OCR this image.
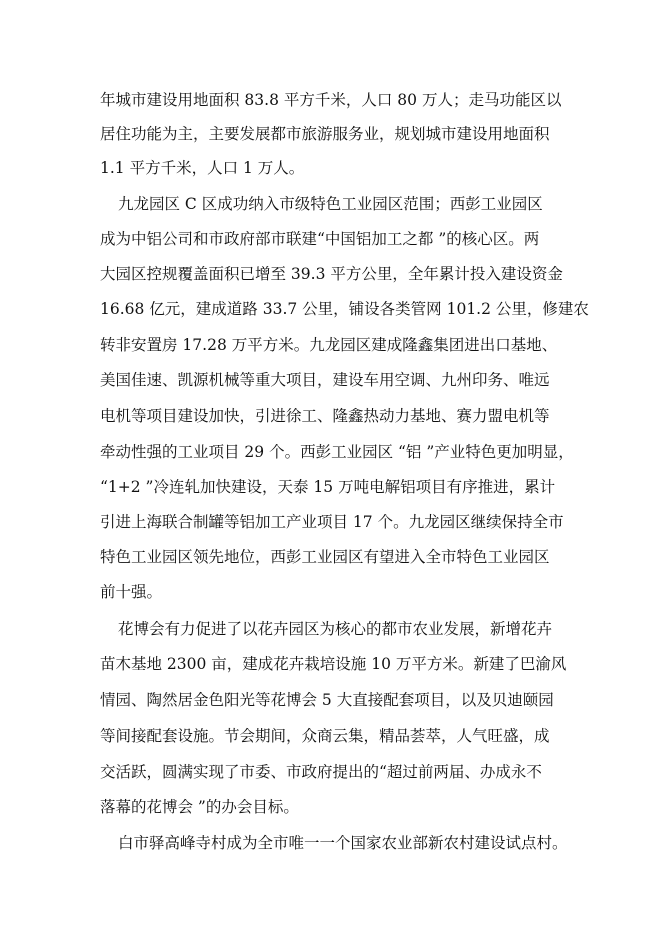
年城市建设用地面积 83.8 平方千米，人口 80 万人；走马功能区以
居住功能为主，主要发展都市旅游服务业，规划城市建设用地面积
1.1 平方千米，人口 1 万人。
九龙园区 C 区成功纳入市级特色工业园区范围；西彭工业园区
成为中铝公司和市政府部市联建“中国铝加工之都 ”的核心区。两
大园区控规覆盖面积已增至 39.3 平方公里，全年累计投入建设资金
16.68 亿元，建成道路 33.7 公里，铺设各类管网 101.2 公里，修建农
转非安置房 17.28 万平方米。九龙园区建成隆鑫集团进出口基地、
美国佳速、凯源机械等重大项目，建设车用空调、九州印务、唯远
电机等项目建设加快，引进徐工、隆鑫热动力基地、赛力盟电机等
牵动性强的工业项目 29 个。西彭工业园区 “铝 ”产业特色更加明显，
“1+2 ”冷连轧加快建设，天泰 15 万吨电解铝项目有序推进，累计
引进上海联合制罐等铝加工产业项目 17 个。九龙园区继续保持全市
特色工业园区领先地位，西彭工业园区有望进入全市特色工业园区
前十强。
花博会有力促进了以花卉园区为核心的都市农业发展，新增花卉
苗木基地 2300 亩，建成花卉栽培设施 10 万平方米。新建了巴渝风
情园、陶然居金色阳光等花博会 5 大直接配套项目，以及贝迪颐园
等间接配套设施。节会期间，众商云集，精品荟萃，人气旺盛，成
交活跃，圆满实现了市委、市政府提出的“超过前两届、办成永不
落幕的花博会 ”的办会目标。
白市驿高峰寺村成为全市唯一一个国家农业部新农村建设试点村。
